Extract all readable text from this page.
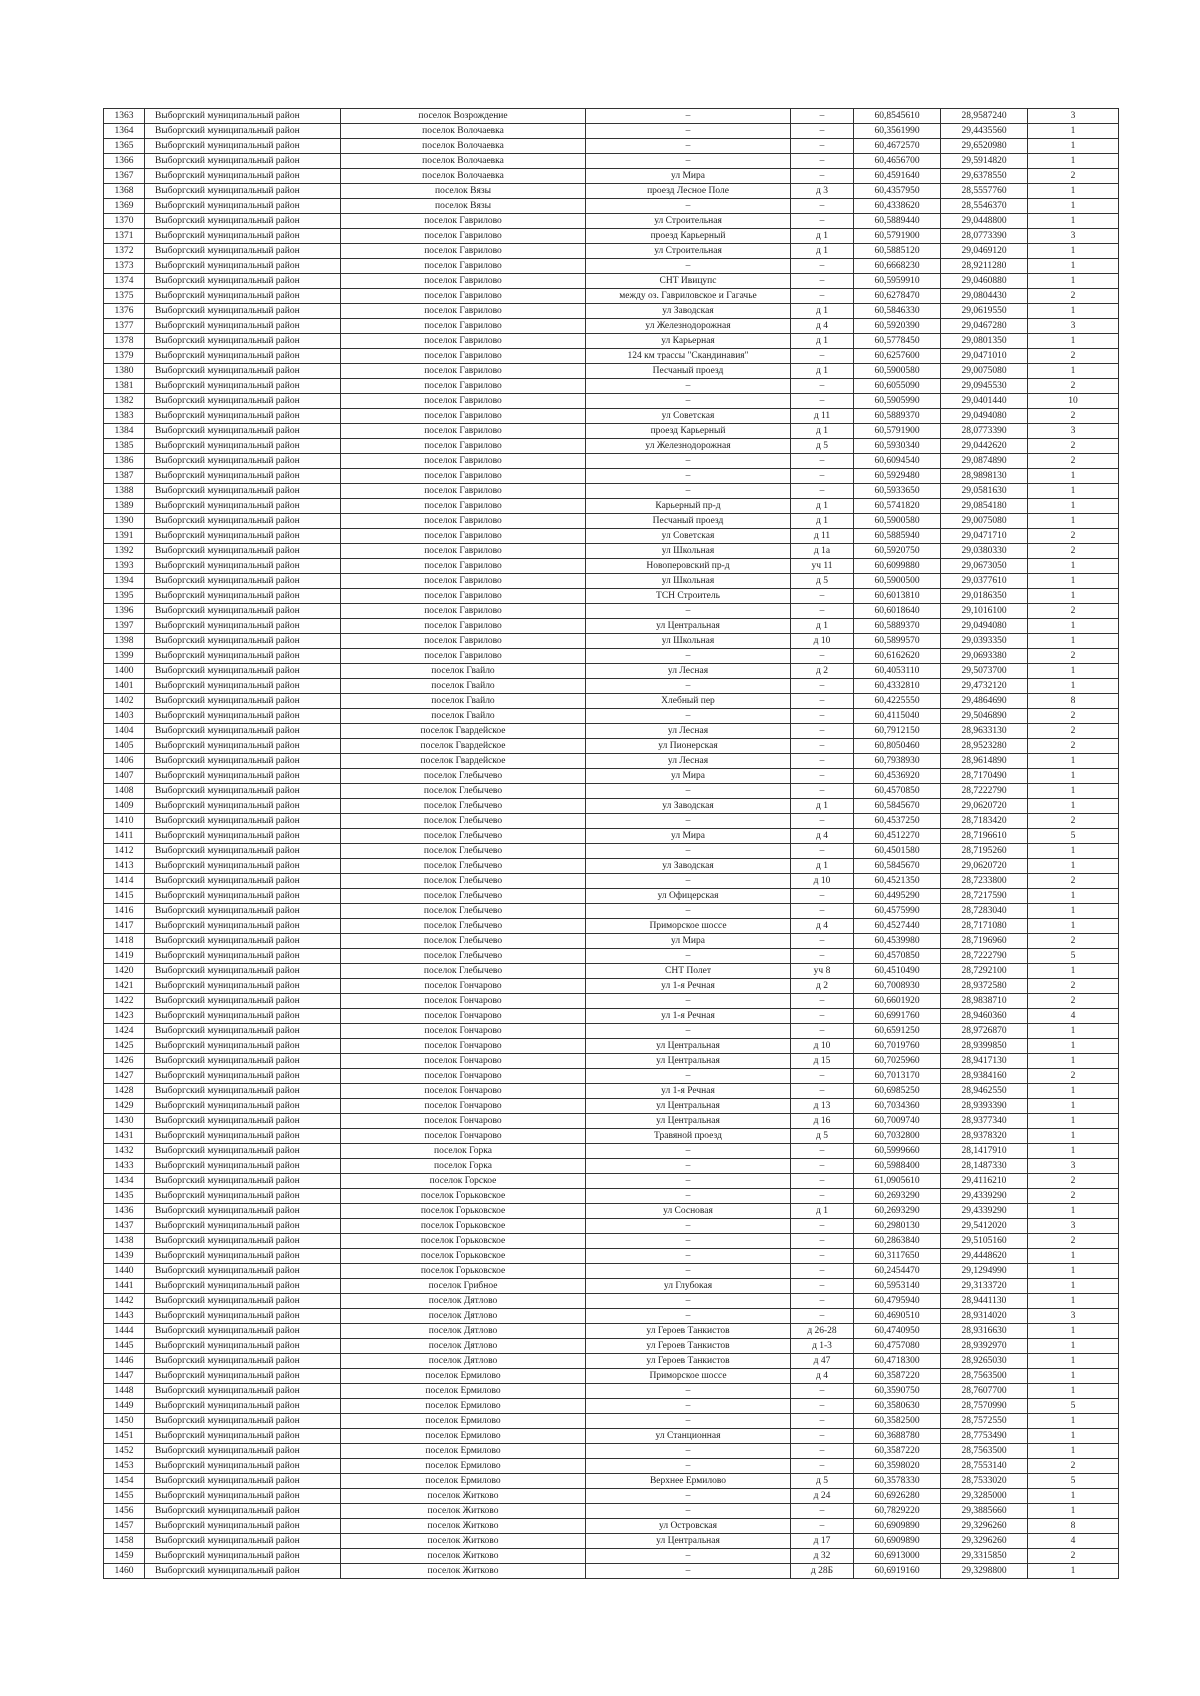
1363	Выборгский муниципальный район	поселок Возрождение	–	–	60,8545610	28,9587240	3
1364	Выборгский муниципальный район	поселок Волочаевка	–	–	60,3561990	29,4435560	1
1365	Выборгский муниципальный район	поселок Волочаевка	–	–	60,4672570	29,6520980	1
1366	Выборгский муниципальный район	поселок Волочаевка	–	–	60,4656700	29,5914820	1
1367	Выборгский муниципальный район	поселок Волочаевка	ул Мира	–	60,4591640	29,6378550	2
1368	Выборгский муниципальный район	поселок Вязы	проезд Лесное Поле	д 3	60,4357950	28,5557760	1
1369	Выборгский муниципальный район	поселок Вязы	–	–	60,4338620	28,5546370	1
1370	Выборгский муниципальный район	поселок Гаврилово	ул Строительная	–	60,5889440	29,0448800	1
1371	Выборгский муниципальный район	поселок Гаврилово	проезд Карьерный	д 1	60,5791900	28,0773390	3
1372	Выборгский муниципальный район	поселок Гаврилово	ул Строительная	д 1	60,5885120	29,0469120	1
1373	Выборгский муниципальный район	поселок Гаврилово	–	–	60,6668230	28,9211280	1
1374	Выборгский муниципальный район	поселок Гаврилово	СНТ Ивицупс	–	60,5959910	29,0460880	1
1375	Выборгский муниципальный район	поселок Гаврилово	между оз. Гавриловское и Гагачье	–	60,6278470	29,0804430	2
1376	Выборгский муниципальный район	поселок Гаврилово	ул Заводская	д 1	60,5846330	29,0619550	1
1377	Выборгский муниципальный район	поселок Гаврилово	ул Железнодорожная	д 4	60,5920390	29,0467280	3
1378	Выборгский муниципальный район	поселок Гаврилово	ул Карьерная	д 1	60,5778450	29,0801350	1
1379	Выборгский муниципальный район	поселок Гаврилово	124 км трассы "Скандинавия"	–	60,6257600	29,0471010	2
1380	Выборгский муниципальный район	поселок Гаврилово	Песчаный проезд	д 1	60,5900580	29,0075080	1
1381	Выборгский муниципальный район	поселок Гаврилово	–	–	60,6055090	29,0945530	2
1382	Выборгский муниципальный район	поселок Гаврилово	–	–	60,5905990	29,0401440	10
1383	Выборгский муниципальный район	поселок Гаврилово	ул Советская	д 11	60,5889370	29,0494080	2
1384	Выборгский муниципальный район	поселок Гаврилово	проезд Карьерный	д 1	60,5791900	28,0773390	3
1385	Выборгский муниципальный район	поселок Гаврилово	ул Железнодорожная	д 5	60,5930340	29,0442620	2
1386	Выборгский муниципальный район	поселок Гаврилово	–	–	60,6094540	29,0874890	2
1387	Выборгский муниципальный район	поселок Гаврилово	–	–	60,5929480	28,9898130	1
1388	Выборгский муниципальный район	поселок Гаврилово	–	–	60,5933650	29,0581630	1
1389	Выборгский муниципальный район	поселок Гаврилово	Карьерный пр-д	д 1	60,5741820	29,0854180	1
1390	Выборгский муниципальный район	поселок Гаврилово	Песчаный проезд	д 1	60,5900580	29,0075080	1
1391	Выборгский муниципальный район	поселок Гаврилово	ул Советская	д 11	60,5885940	29,0471710	2
1392	Выборгский муниципальный район	поселок Гаврилово	ул Школьная	д 1а	60,5920750	29,0380330	2
1393	Выборгский муниципальный район	поселок Гаврилово	Новоперовский пр-д	уч 11	60,6099880	29,0673050	1
1394	Выборгский муниципальный район	поселок Гаврилово	ул Школьная	д 5	60,5900500	29,0377610	1
1395	Выборгский муниципальный район	поселок Гаврилово	ТСН Строитель	–	60,6013810	29,0186350	1
1396	Выборгский муниципальный район	поселок Гаврилово	–	–	60,6018640	29,1016100	2
1397	Выборгский муниципальный район	поселок Гаврилово	ул Центральная	д 1	60,5889370	29,0494080	1
1398	Выборгский муниципальный район	поселок Гаврилово	ул Школьная	д 10	60,5899570	29,0393350	1
1399	Выборгский муниципальный район	поселок Гаврилово	–	–	60,6162620	29,0693380	2
1400	Выборгский муниципальный район	поселок Гвайло	ул Лесная	д 2	60,4053110	29,5073700	1
1401	Выборгский муниципальный район	поселок Гвайло	–	–	60,4332810	29,4732120	1
1402	Выборгский муниципальный район	поселок Гвайло	Хлебный пер	–	60,4225550	29,4864690	8
1403	Выборгский муниципальный район	поселок Гвайло	–	–	60,4115040	29,5046890	2
1404	Выборгский муниципальный район	поселок Гвардейское	ул Лесная	–	60,7912150	28,9633130	2
1405	Выборгский муниципальный район	поселок Гвардейское	ул Пионерская	–	60,8050460	28,9523280	2
1406	Выборгский муниципальный район	поселок Гвардейское	ул Лесная	–	60,7938930	28,9614890	1
1407	Выборгский муниципальный район	поселок Глебычево	ул Мира	–	60,4536920	28,7170490	1
1408	Выборгский муниципальный район	поселок Глебычево	–	–	60,4570850	28,7222790	1
1409	Выборгский муниципальный район	поселок Глебычево	ул Заводская	д 1	60,5845670	29,0620720	1
1410	Выборгский муниципальный район	поселок Глебычево	–	–	60,4537250	28,7183420	2
1411	Выборгский муниципальный район	поселок Глебычево	ул Мира	д 4	60,4512270	28,7196610	5
1412	Выборгский муниципальный район	поселок Глебычево	–	–	60,4501580	28,7195260	1
1413	Выборгский муниципальный район	поселок Глебычево	ул Заводская	д 1	60,5845670	29,0620720	1
1414	Выборгский муниципальный район	поселок Глебычево	–	д 10	60,4521350	28,7233800	2
1415	Выборгский муниципальный район	поселок Глебычево	ул Офицерская	–	60,4495290	28,7217590	1
1416	Выборгский муниципальный район	поселок Глебычево	–	–	60,4575990	28,7283040	1
1417	Выборгский муниципальный район	поселок Глебычево	Приморское шоссе	д 4	60,4527440	28,7171080	1
1418	Выборгский муниципальный район	поселок Глебычево	ул Мира	–	60,4539980	28,7196960	2
1419	Выборгский муниципальный район	поселок Глебычево	–	–	60,4570850	28,7222790	5
1420	Выборгский муниципальный район	поселок Глебычево	СНТ Полет	уч 8	60,4510490	28,7292100	1
1421	Выборгский муниципальный район	поселок Гончарово	ул 1-я Речная	д 2	60,7008930	28,9372580	2
1422	Выборгский муниципальный район	поселок Гончарово	–	–	60,6601920	28,9838710	2
1423	Выборгский муниципальный район	поселок Гончарово	ул 1-я Речная	–	60,6991760	28,9460360	4
1424	Выборгский муниципальный район	поселок Гончарово	–	–	60,6591250	28,9726870	1
1425	Выборгский муниципальный район	поселок Гончарово	ул Центральная	д 10	60,7019760	28,9399850	1
1426	Выборгский муниципальный район	поселок Гончарово	ул Центральная	д 15	60,7025960	28,9417130	1
1427	Выборгский муниципальный район	поселок Гончарово	–	–	60,7013170	28,9384160	2
1428	Выборгский муниципальный район	поселок Гончарово	ул 1-я Речная	–	60,6985250	28,9462550	1
1429	Выборгский муниципальный район	поселок Гончарово	ул Центральная	д 13	60,7034360	28,9393390	1
1430	Выборгский муниципальный район	поселок Гончарово	ул Центральная	д 16	60,7009740	28,9377340	1
1431	Выборгский муниципальный район	поселок Гончарово	Травяной проезд	д 5	60,7032800	28,9378320	1
1432	Выборгский муниципальный район	поселок Горка	–	–	60,5999660	28,1417910	1
1433	Выборгский муниципальный район	поселок Горка	–	–	60,5988400	28,1487330	3
1434	Выборгский муниципальный район	поселок Горское	–	–	61,0905610	29,4116210	2
1435	Выборгский муниципальный район	поселок Горьковское	–	–	60,2693290	29,4339290	2
1436	Выборгский муниципальный район	поселок Горьковское	ул Сосновая	д 1	60,2693290	29,4339290	1
1437	Выборгский муниципальный район	поселок Горьковское	–	–	60,2980130	29,5412020	3
1438	Выборгский муниципальный район	поселок Горьковское	–	–	60,2863840	29,5105160	2
1439	Выборгский муниципальный район	поселок Горьковское	–	–	60,3117650	29,4448620	1
1440	Выборгский муниципальный район	поселок Горьковское	–	–	60,2454470	29,1294990	1
1441	Выборгский муниципальный район	поселок Грибное	ул Глубокая	–	60,5953140	29,3133720	1
1442	Выборгский муниципальный район	поселок Дятлово	–	–	60,4795940	28,9441130	1
1443	Выборгский муниципальный район	поселок Дятлово	–	–	60,4690510	28,9314020	3
1444	Выборгский муниципальный район	поселок Дятлово	ул Героев Танкистов	д 26-28	60,4740950	28,9316630	1
1445	Выборгский муниципальный район	поселок Дятлово	ул Героев Танкистов	д 1-3	60,4757080	28,9392970	1
1446	Выборгский муниципальный район	поселок Дятлово	ул Героев Танкистов	д 47	60,4718300	28,9265030	1
1447	Выборгский муниципальный район	поселок Ермилово	Приморское шоссе	д 4	60,3587220	28,7563500	1
1448	Выборгский муниципальный район	поселок Ермилово	–	–	60,3590750	28,7607700	1
1449	Выборгский муниципальный район	поселок Ермилово	–	–	60,3580630	28,7570990	5
1450	Выборгский муниципальный район	поселок Ермилово	–	–	60,3582500	28,7572550	1
1451	Выборгский муниципальный район	поселок Ермилово	ул Станционная	–	60,3688780	28,7753490	1
1452	Выборгский муниципальный район	поселок Ермилово	–	–	60,3587220	28,7563500	1
1453	Выборгский муниципальный район	поселок Ермилово	–	–	60,3598020	28,7553140	2
1454	Выборгский муниципальный район	поселок Ермилово	Верхнее Ермилово	д 5	60,3578330	28,7533020	5
1455	Выборгский муниципальный район	поселок Житково	–	д 24	60,6926280	29,3285000	1
1456	Выборгский муниципальный район	поселок Житково	–	–	60,7829220	29,3885660	1
1457	Выборгский муниципальный район	поселок Житково	ул Островская	–	60,6909890	29,3296260	8
1458	Выборгский муниципальный район	поселок Житково	ул Центральная	д 17	60,6909890	29,3296260	4
1459	Выборгский муниципальный район	поселок Житково	–	д 32	60,6913000	29,3315850	2
1460	Выборгский муниципальный район	поселок Житково	–	д 28Б	60,6919160	29,3298800	1
